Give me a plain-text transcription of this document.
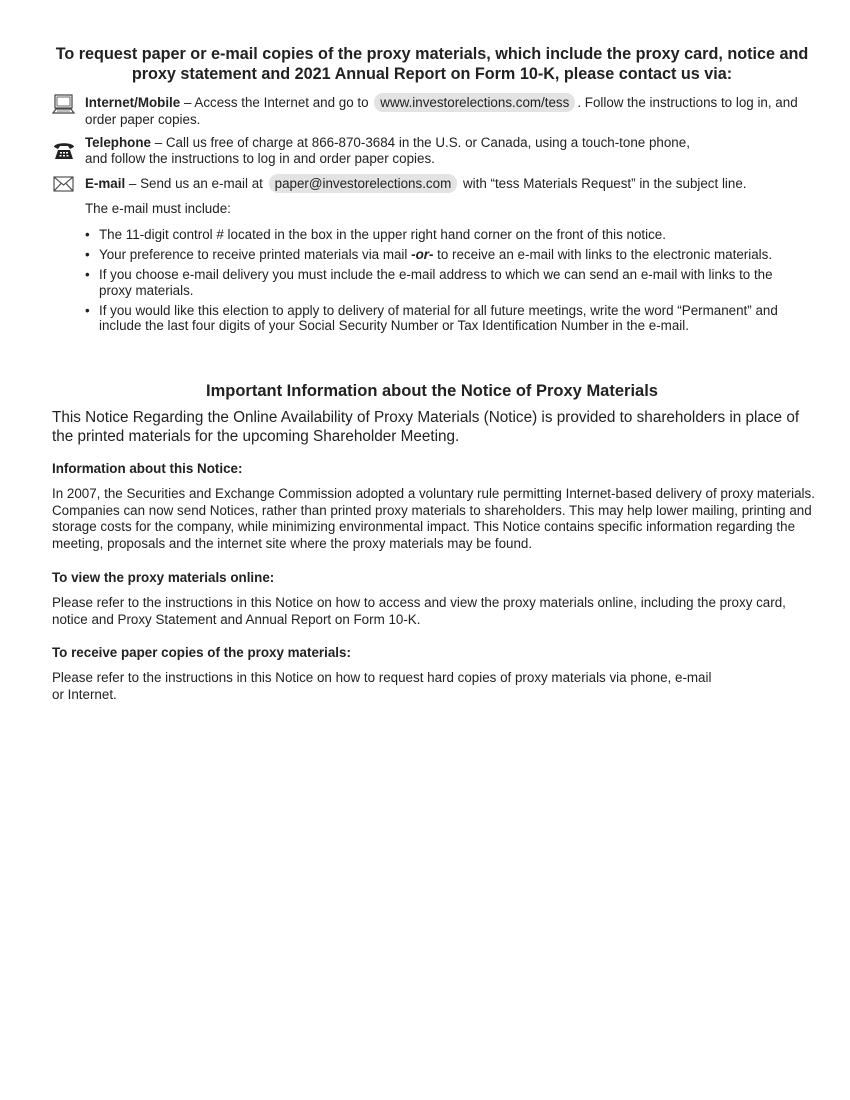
To request paper or e-mail copies of the proxy materials, which include the proxy card, notice and proxy statement and 2021 Annual Report on Form 10-K, please contact us via:
Internet/Mobile – Access the Internet and go to www.investorelections.com/tess . Follow the instructions to log in, and order paper copies.
Telephone – Call us free of charge at 866-870-3684 in the U.S. or Canada, using a touch-tone phone,
and follow the instructions to log in and order paper copies.
E-mail – Send us an e-mail at paper@investorelections.com with “tess Materials Request” in the subject line.
The e-mail must include:
• The 11-digit control # located in the box in the upper right hand corner on the front of this notice.
• Your preference to receive printed materials via mail -or- to receive an e-mail with links to the electronic materials.
• If you choose e-mail delivery you must include the e-mail address to which we can send an e-mail with links to the proxy materials.
• If you would like this election to apply to delivery of material for all future meetings, write the word “Permanent” and include the last four digits of your Social Security Number or Tax Identification Number in the e-mail.
Important Information about the Notice of Proxy Materials
This Notice Regarding the Online Availability of Proxy Materials (Notice) is provided to shareholders in place of the printed materials for the upcoming Shareholder Meeting.
Information about this Notice:
In 2007, the Securities and Exchange Commission adopted a voluntary rule permitting Internet-based delivery of proxy materials. Companies can now send Notices, rather than printed proxy materials to shareholders. This may help lower mailing, printing and storage costs for the company, while minimizing environmental impact. This Notice contains specific information regarding the meeting, proposals and the internet site where the proxy materials may be found.
To view the proxy materials online:
Please refer to the instructions in this Notice on how to access and view the proxy materials online, including the proxy card, notice and Proxy Statement and Annual Report on Form 10-K.
To receive paper copies of the proxy materials:
Please refer to the instructions in this Notice on how to request hard copies of proxy materials via phone, e-mail
or Internet.
